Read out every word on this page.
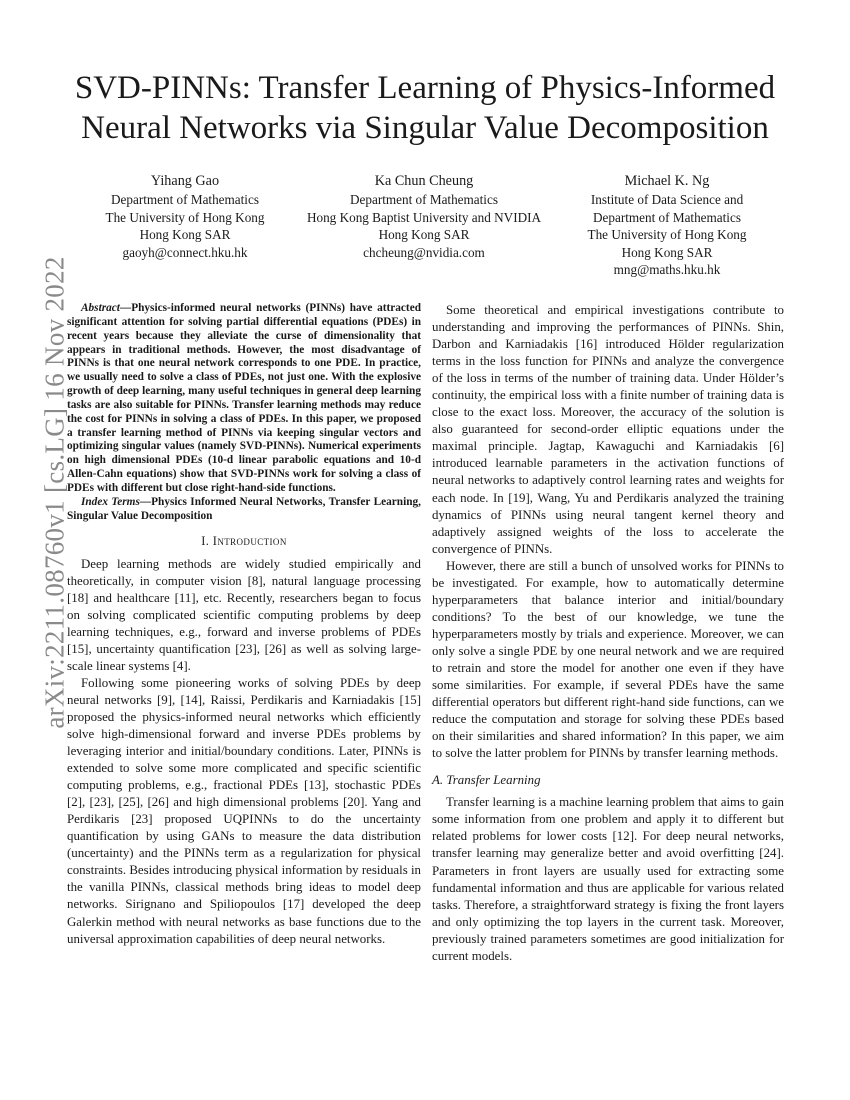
arXiv:2211.08760v1 [cs.LG] 16 Nov 2022
SVD-PINNs: Transfer Learning of Physics-Informed
Neural Networks via Singular Value Decomposition
Yihang Gao
Department of Mathematics
The University of Hong Kong
Hong Kong SAR
gaoyh@connect.hku.hk
Ka Chun Cheung
Department of Mathematics
Hong Kong Baptist University and NVIDIA
Hong Kong SAR
chcheung@nvidia.com
Michael K. Ng
Institute of Data Science and
Department of Mathematics
The University of Hong Kong
Hong Kong SAR
mng@maths.hku.hk

Abstract—Physics-informed neural networks (PINNs) have attracted significant attention for solving partial differential equations (PDEs) in recent years because they alleviate the curse of dimensionality that appears in traditional methods. However, the most disadvantage of PINNs is that one neural network corresponds to one PDE. In practice, we usually need to solve a class of PDEs, not just one. With the explosive growth of deep learning, many useful techniques in general deep learning tasks are also suitable for PINNs. Transfer learning methods may reduce the cost for PINNs in solving a class of PDEs. In this paper, we proposed a transfer learning method of PINNs via keeping singular vectors and optimizing singular values (namely SVD-PINNs). Numerical experiments on high dimensional PDEs (10-d linear parabolic equations and 10-d Allen-Cahn equations) show that SVD-PINNs work for solving a class of PDEs with different but close right-hand-side functions.

Index Terms—Physics Informed Neural Networks, Transfer Learning, Singular Value Decomposition

I. Introduction

Deep learning methods are widely studied empirically and theoretically, in computer vision [8], natural language processing [18] and healthcare [11], etc. Recently, researchers began to focus on solving complicated scientific computing problems by deep learning techniques, e.g., forward and inverse problems of PDEs [15], uncertainty quantification [23], [26] as well as solving large-scale linear systems [4].

Following some pioneering works of solving PDEs by deep neural networks [9], [14], Raissi, Perdikaris and Karniadakis [15] proposed the physics-informed neural networks which efficiently solve high-dimensional forward and inverse PDEs problems by leveraging interior and initial/boundary conditions. Later, PINNs is extended to solve some more complicated and specific scientific computing problems, e.g., fractional PDEs [13], stochastic PDEs [2], [23], [25], [26] and high dimensional problems [20]. Yang and Perdikaris [23] proposed UQPINNs to do the uncertainty quantification by using GANs to measure the data distribution (uncertainty) and the PINNs term as a regularization for physical constraints. Besides introducing physical information by residuals in the vanilla PINNs, classical methods bring ideas to model deep networks. Sirignano and Spiliopoulos [17] developed the deep Galerkin method with neural networks as base functions due to the universal approximation capabilities of deep neural networks.

Some theoretical and empirical investigations contribute to understanding and improving the performances of PINNs. Shin, Darbon and Karniadakis [16] introduced Hölder regularization terms in the loss function for PINNs and analyze the convergence of the loss in terms of the number of training data. Under Hölder’s continuity, the empirical loss with a finite number of training data is close to the exact loss. Moreover, the accuracy of the solution is also guaranteed for second-order elliptic equations under the maximal principle. Jagtap, Kawaguchi and Karniadakis [6] introduced learnable parameters in the activation functions of neural networks to adaptively control learning rates and weights for each node. In [19], Wang, Yu and Perdikaris analyzed the training dynamics of PINNs using neural tangent kernel theory and adaptively assigned weights of the loss to accelerate the convergence of PINNs.

However, there are still a bunch of unsolved works for PINNs to be investigated. For example, how to automatically determine hyperparameters that balance interior and initial/boundary conditions? To the best of our knowledge, we tune the hyperparameters mostly by trials and experience. Moreover, we can only solve a single PDE by one neural network and we are required to retrain and store the model for another one even if they have some similarities. For example, if several PDEs have the same differential operators but different right-hand side functions, can we reduce the computation and storage for solving these PDEs based on their similarities and shared information? In this paper, we aim to solve the latter problem for PINNs by transfer learning methods.

A. Transfer Learning

Transfer learning is a machine learning problem that aims to gain some information from one problem and apply it to different but related problems for lower costs [12]. For deep neural networks, transfer learning may generalize better and avoid overfitting [24]. Parameters in front layers are usually used for extracting some fundamental information and thus are applicable for various related tasks. Therefore, a straightforward strategy is fixing the front layers and only optimizing the top layers in the current task. Moreover, previously trained parameters sometimes are good initialization for current models.
